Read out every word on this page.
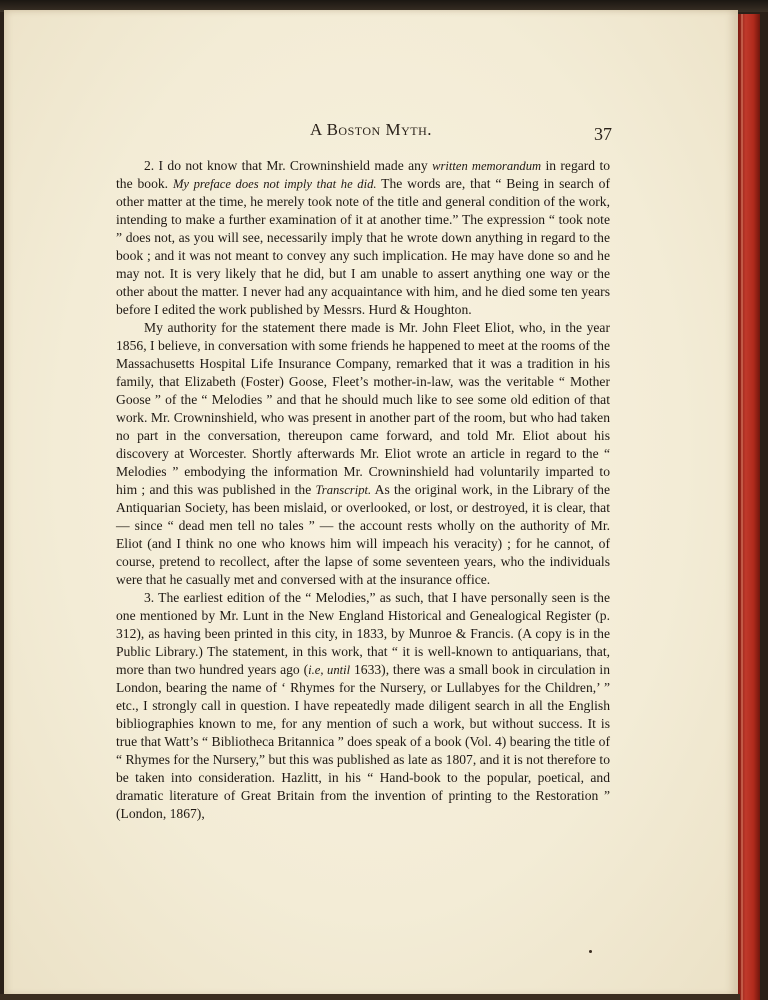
A Boston Myth.	37

2. I do not know that Mr. Crowninshield made any written memorandum in regard to the book. My preface does not imply that he did. The words are, that “ Being in search of other matter at the time, he merely took note of the title and general condition of the work, intending to make a further examination of it at another time.” The expression “ took note ” does not, as you will see, necessarily imply that he wrote down anything in regard to the book ; and it was not meant to convey any such implication. He may have done so and he may not. It is very likely that he did, but I am unable to assert anything one way or the other about the matter. I never had any acquaintance with him, and he died some ten years before I edited the work published by Messrs. Hurd & Houghton.

My authority for the statement there made is Mr. John Fleet Eliot, who, in the year 1856, I believe, in conversation with some friends he happened to meet at the rooms of the Massachusetts Hospital Life Insurance Company, remarked that it was a tradition in his family, that Elizabeth (Foster) Goose, Fleet’s mother-in-law, was the veritable “ Mother Goose ” of the “ Melodies ” and that he should much like to see some old edition of that work. Mr. Crowninshield, who was present in another part of the room, but who had taken no part in the conversation, thereupon came forward, and told Mr. Eliot about his discovery at Worcester. Shortly afterwards Mr. Eliot wrote an article in regard to the “ Melodies ” embodying the information Mr. Crowninshield had voluntarily imparted to him ; and this was published in the Transcript. As the original work, in the Library of the Antiquarian Society, has been mislaid, or overlooked, or lost, or destroyed, it is clear, that — since “ dead men tell no tales ” — the account rests wholly on the authority of Mr. Eliot (and I think no one who knows him will impeach his veracity) ; for he cannot, of course, pretend to recollect, after the lapse of some seventeen years, who the individuals were that he casually met and conversed with at the insurance office.

3. The earliest edition of the “ Melodies,” as such, that I have personally seen is the one mentioned by Mr. Lunt in the New England Historical and Genealogical Register (p. 312), as having been printed in this city, in 1833, by Munroe & Francis. (A copy is in the Public Library.) The statement, in this work, that “ it is well-known to antiquarians, that, more than two hundred years ago (i.e, until 1633), there was a small book in circulation in London, bearing the name of ‘ Rhymes for the Nursery, or Lullabyes for the Children,’ ” etc., I strongly call in question. I have repeatedly made diligent search in all the English bibliographies known to me, for any mention of such a work, but without success. It is true that Watt’s “ Bibliotheca Britannica ” does speak of a book (Vol. 4) bearing the title of “ Rhymes for the Nursery,” but this was published as late as 1807, and it is not therefore to be taken into consideration. Hazlitt, in his “ Hand-book to the popular, poetical, and dramatic literature of Great Britain from the invention of printing to the Restoration ” (London, 1867),
